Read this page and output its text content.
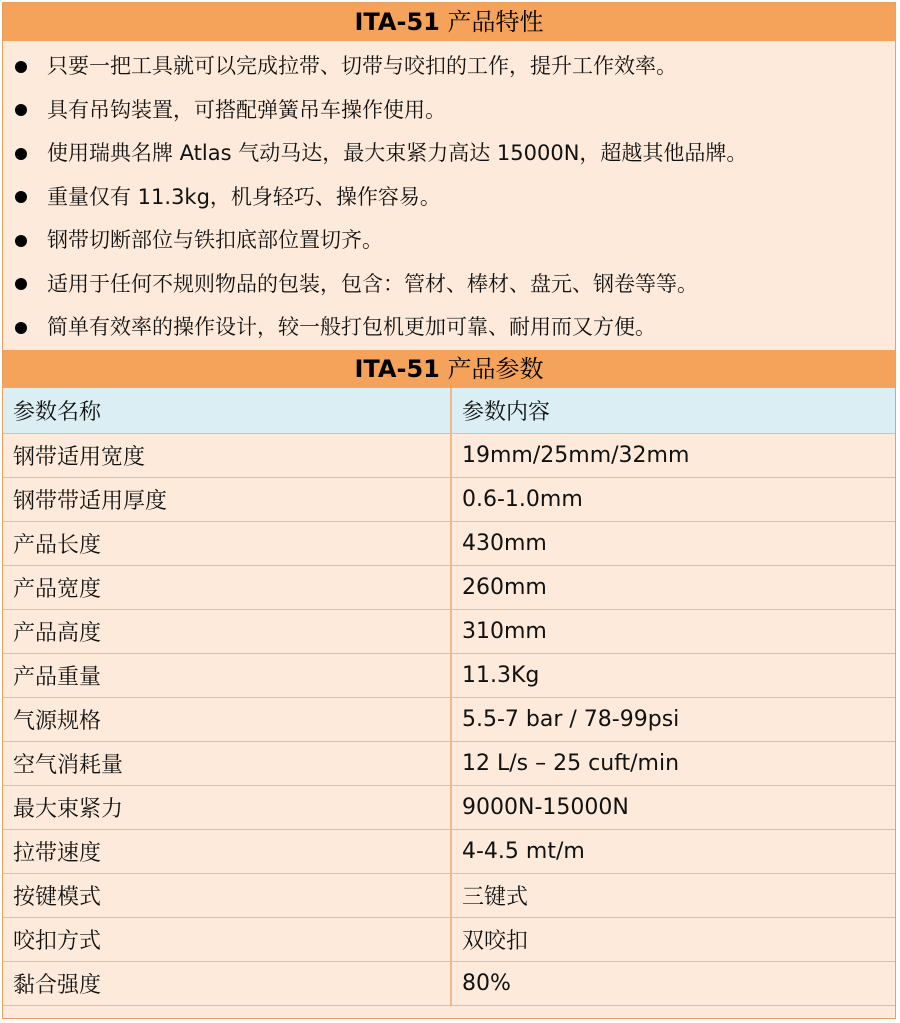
ITA-51 产品特性
只要一把工具就可以完成拉带、切带与咬扣的工作，提升工作效率。
具有吊钩装置，可搭配弹簧吊车操作使用。
使用瑞典名牌 Atlas 气动马达，最大束紧力高达 15000N，超越其他品牌。
重量仅有 11.3kg，机身轻巧、操作容易。
钢带切断部位与铁扣底部位置切齐。
适用于任何不规则物品的包装，包含：管材、棒材、盘元、钢卷等等。
简单有效率的操作设计，较一般打包机更加可靠、耐用而又方便。
ITA-51 产品参数
参数名称	参数内容
钢带适用宽度	19mm/25mm/32mm
钢带带适用厚度	0.6-1.0mm
产品长度	430mm
产品宽度	260mm
产品高度	310mm
产品重量	11.3Kg
气源规格	5.5-7 bar / 78-99psi
空气消耗量	12 L/s – 25 cuft/min
最大束紧力	9000N-15000N
拉带速度	4-4.5 mt/m
按键模式	三键式
咬扣方式	双咬扣
黏合强度	80%
